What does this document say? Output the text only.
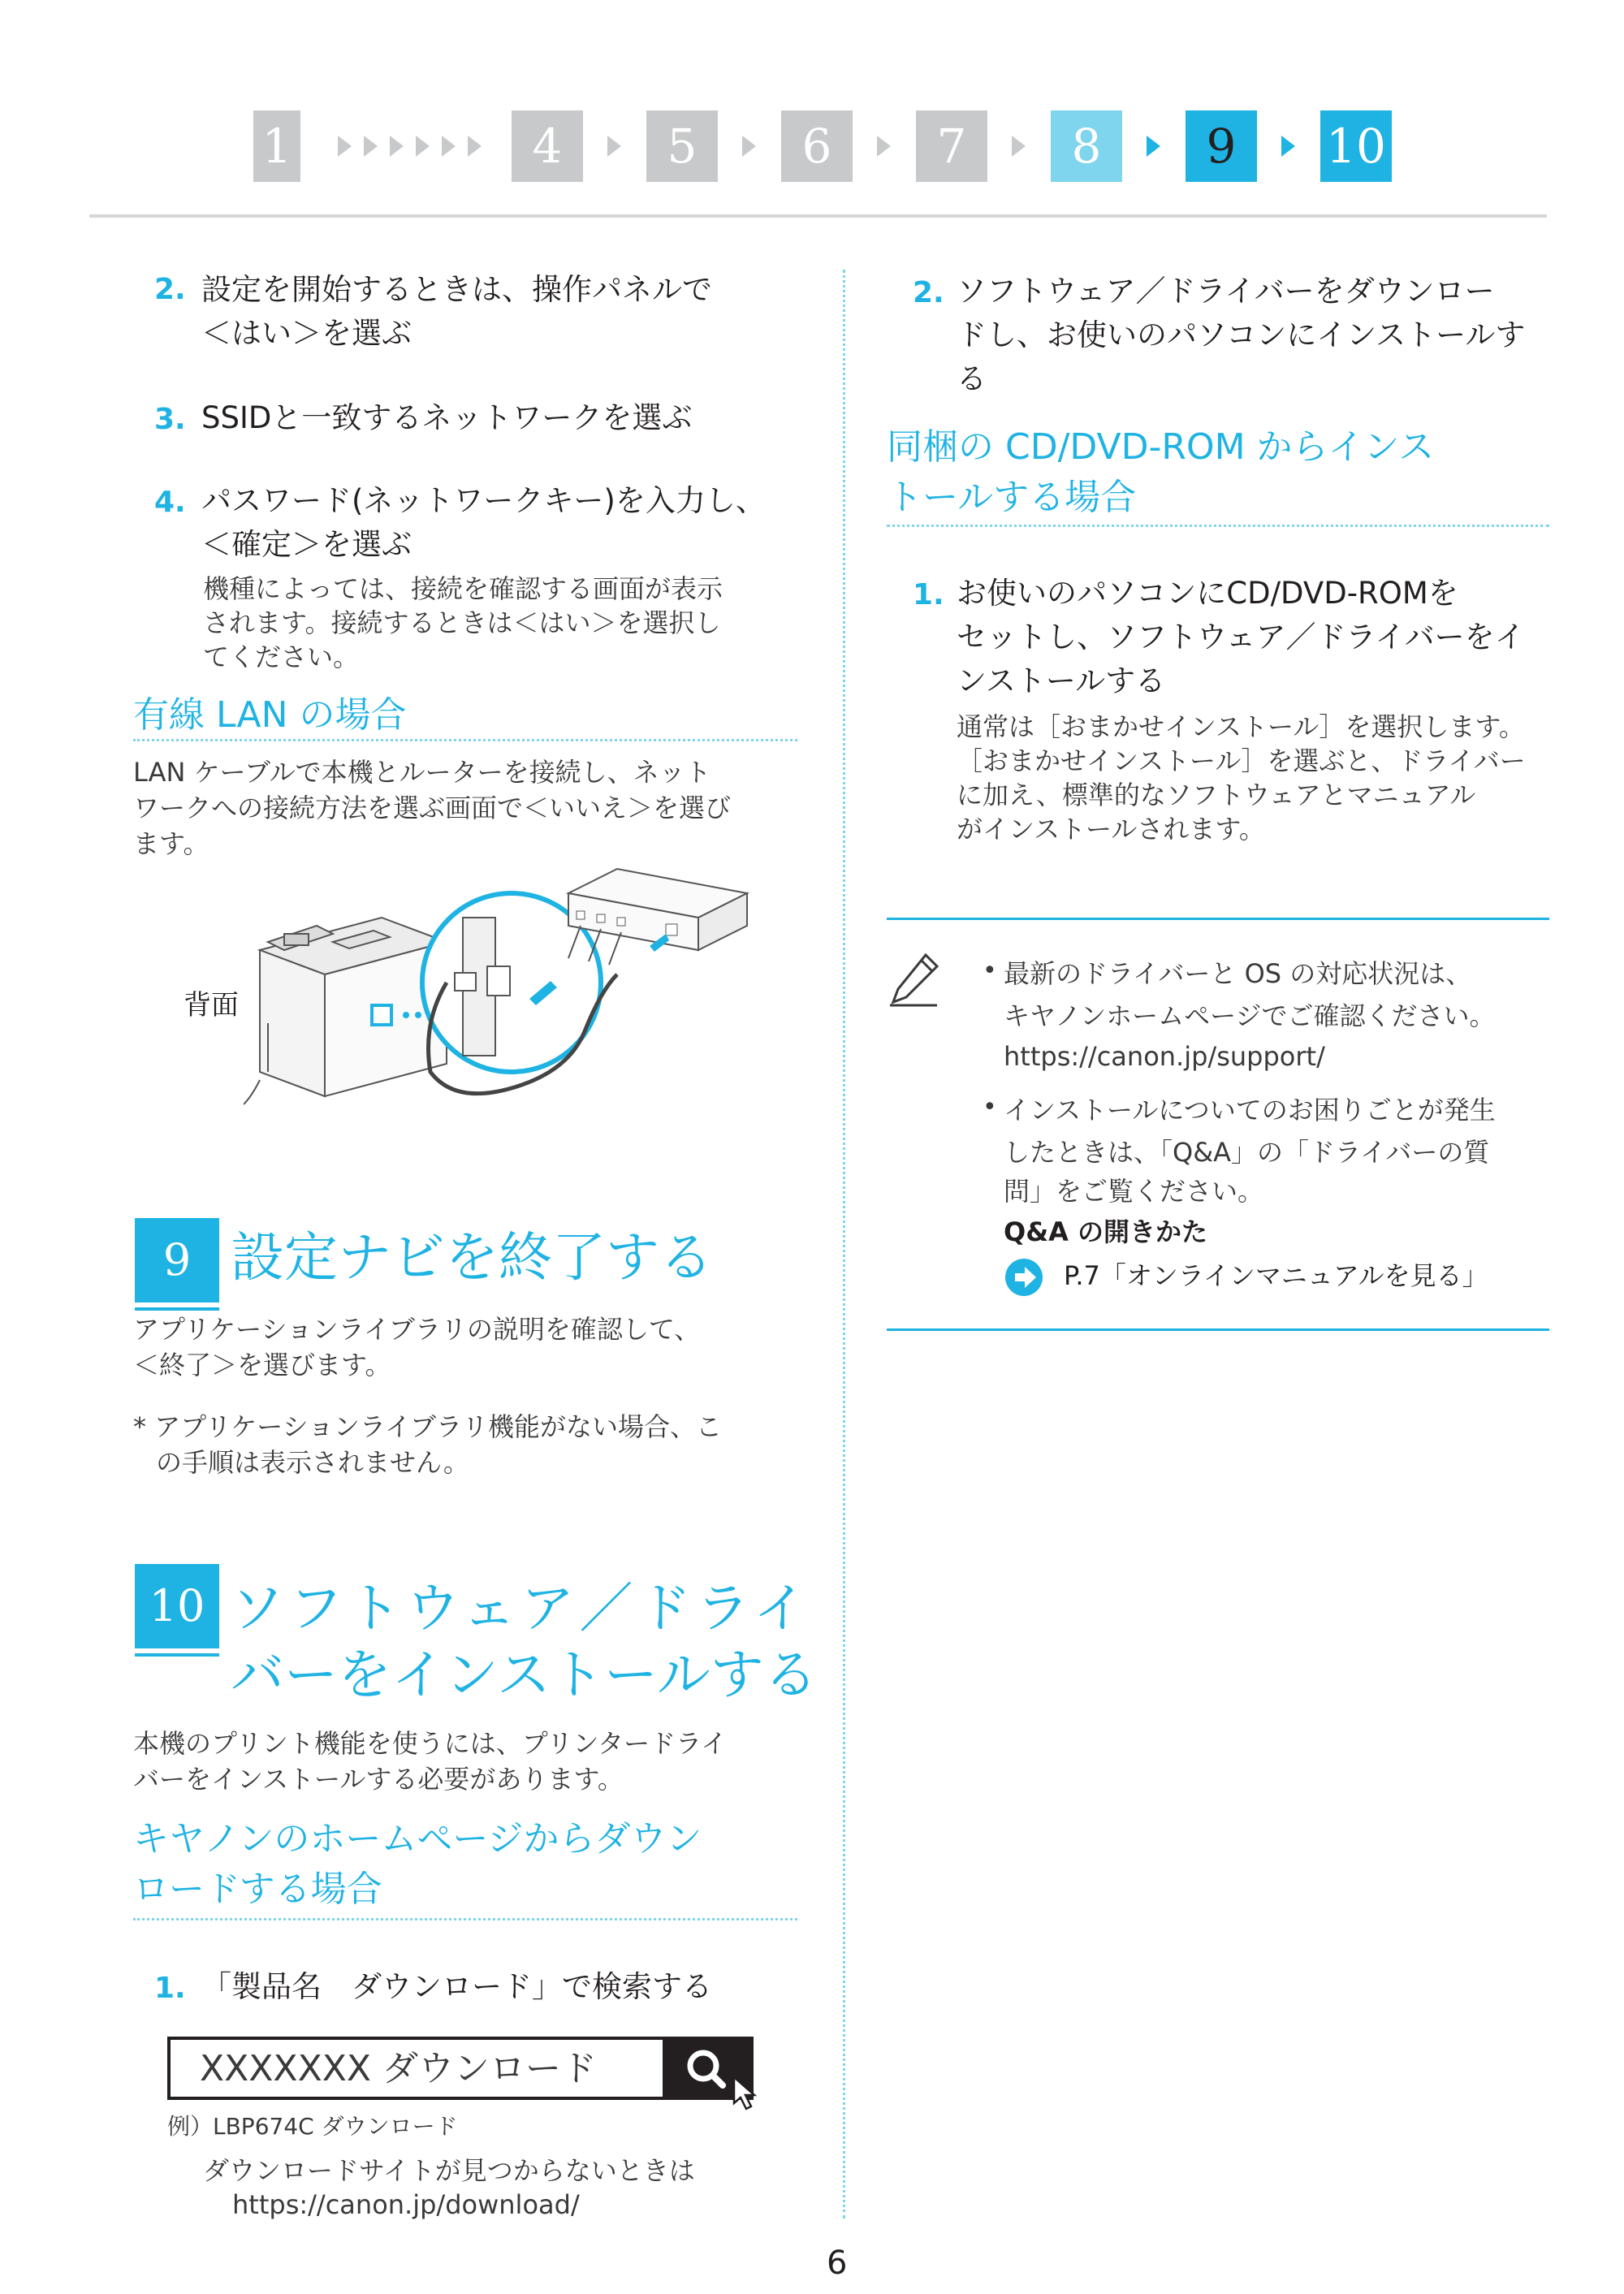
1	4	5	6	7	8	9	10
2. 設定を開始するときは、操作パネルで
＜はい＞を選ぶ
3. SSIDと一致するネットワークを選ぶ
4. パスワード(ネットワークキー)を入力し、
＜確定＞を選ぶ
機種によっては、接続を確認する画面が表示
されます。接続するときは＜はい＞を選択し
てください。
有線 LAN の場合
LAN ケーブルで本機とルーターを接続し、ネット
ワークへの接続方法を選ぶ画面で＜いいえ＞を選び
ます。
背面
9 設定ナビを終了する
アプリケーションライブラリの説明を確認して、
＜終了＞を選びます。
* アプリケーションライブラリ機能がない場合、こ
の手順は表示されません。
10 ソフトウェア／ドライ
バーをインストールする
本機のプリント機能を使うには、プリンタードライ
バーをインストールする必要があります。
キヤノンのホームページからダウン
ロードする場合
1. 「製品名　ダウンロード」で検索する
XXXXXXX ダウンロード
例）LBP674C ダウンロード
ダウンロードサイトが見つからないときは
https://canon.jp/download/
2. ソフトウェア／ドライバーをダウンロー
ドし、お使いのパソコンにインストールす
る
同梱の CD/DVD-ROM からインス
トールする場合
1. お使いのパソコンにCD/DVD-ROMを
セットし、ソフトウェア／ドライバーをイ
ンストールする
通常は［おまかせインストール］を選択します。
［おまかせインストール］を選ぶと、ドライバー
に加え、標準的なソフトウェアとマニュアル
がインストールされます。
• 最新のドライバーと OS の対応状況は、
キヤノンホームページでご確認ください。
https://canon.jp/support/
• インストールについてのお困りごとが発生
したときは、「Q&A」の「ドライバーの質
問」をご覧ください。
Q&A の開きかた
P.7「オンラインマニュアルを見る」
6
